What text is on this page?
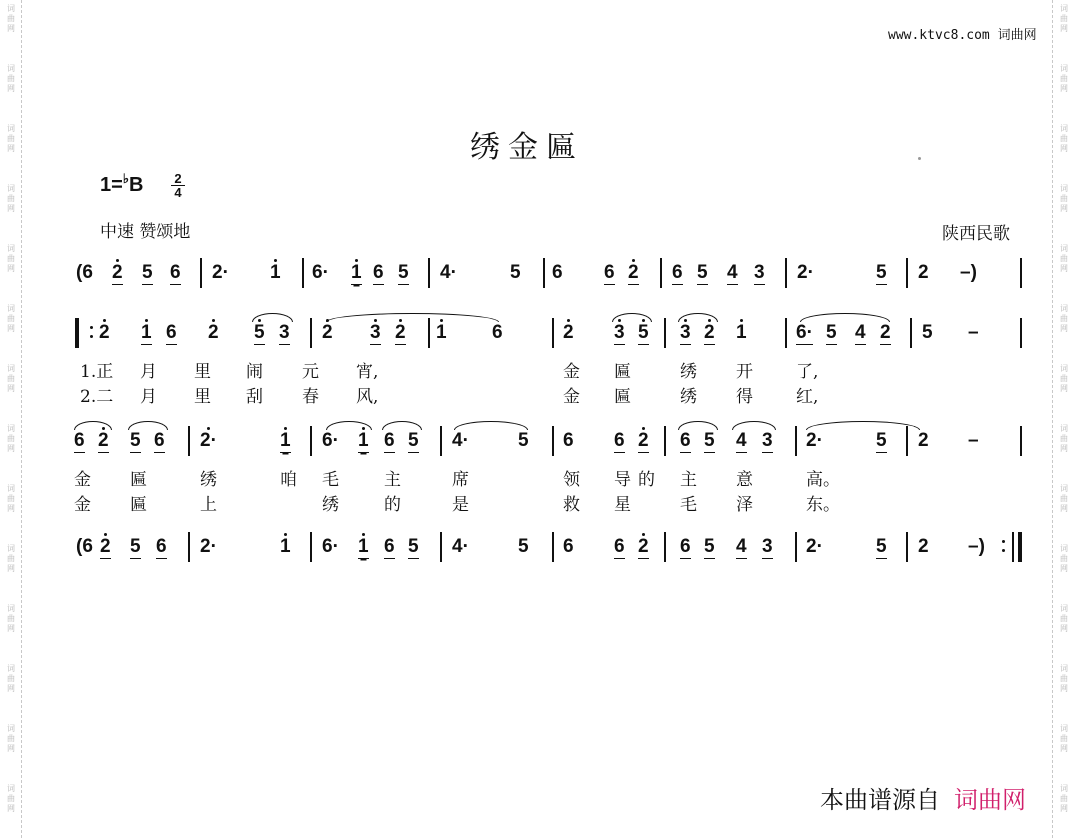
词
曲
网
词
曲
网
词
曲
网
词
曲
网
词
曲
网
词
曲
网
词
曲
网
词
曲
网
词
曲
网
词
曲
网
词
曲
网
词
曲
网
词
曲
网
词
曲
网
词
曲
网
词
曲
网
词
曲
网
词
曲
网
词
曲
网
词
曲
网
词
曲
网
词
曲
网
词
曲
网
词
曲
网
词
曲
网
词
曲
网
词
曲
网
词
曲
网
www.ktvc8.com 词曲网
绣金匾
$1=^♭B \frac{2}{4}$
中速 赞颂地	陕西民歌
(6 2 5 6 2· 1 6· 1 6 5 4·	5 6 6 2 6 5 4 3 2·	5 2 –)
2 1 6 2 5 3 2 3 2 1 6	2 3 5 3 2 1	6· 5 4 2 5 –
1.正 月 里 闹 元 宵,	金 匾	绣 开	了,
2.二 月 里 刮 春 风,	金 匾	绣 得	红,
6 2 5 6 2·	1 6· 1 6 5 4·	5 6 6 2 6 5 4 3 2·	5 2 –
金 匾	绣	咱 毛	主	席	领 导 的 主 意	高。
金 匾	上	绣	的	是	救 星	毛 泽	东。
(6 2 5 6 2·	1 6· 1 6 5 4·	5 6 6 2 6 5 4 3 2·	5 2 –)
本曲谱源自 词曲网
